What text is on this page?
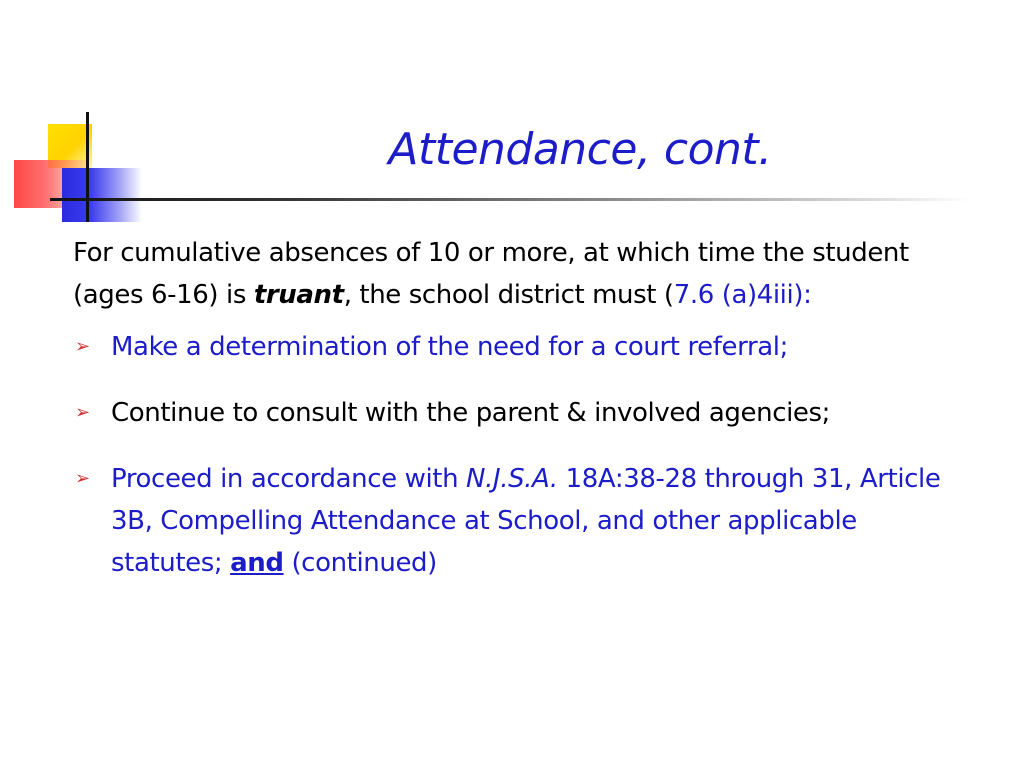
Attendance, cont.

For cumulative absences of 10 or more, at which time the student (ages 6-16) is truant, the school district must (7.6 (a)4iii):

➢ Make a determination of the need for a court referral;
➢ Continue to consult with the parent & involved agencies;
➢ Proceed in accordance with N.J.S.A. 18A:38-28 through 31, Article 3B, Compelling Attendance at School, and other applicable statutes; and (continued)
